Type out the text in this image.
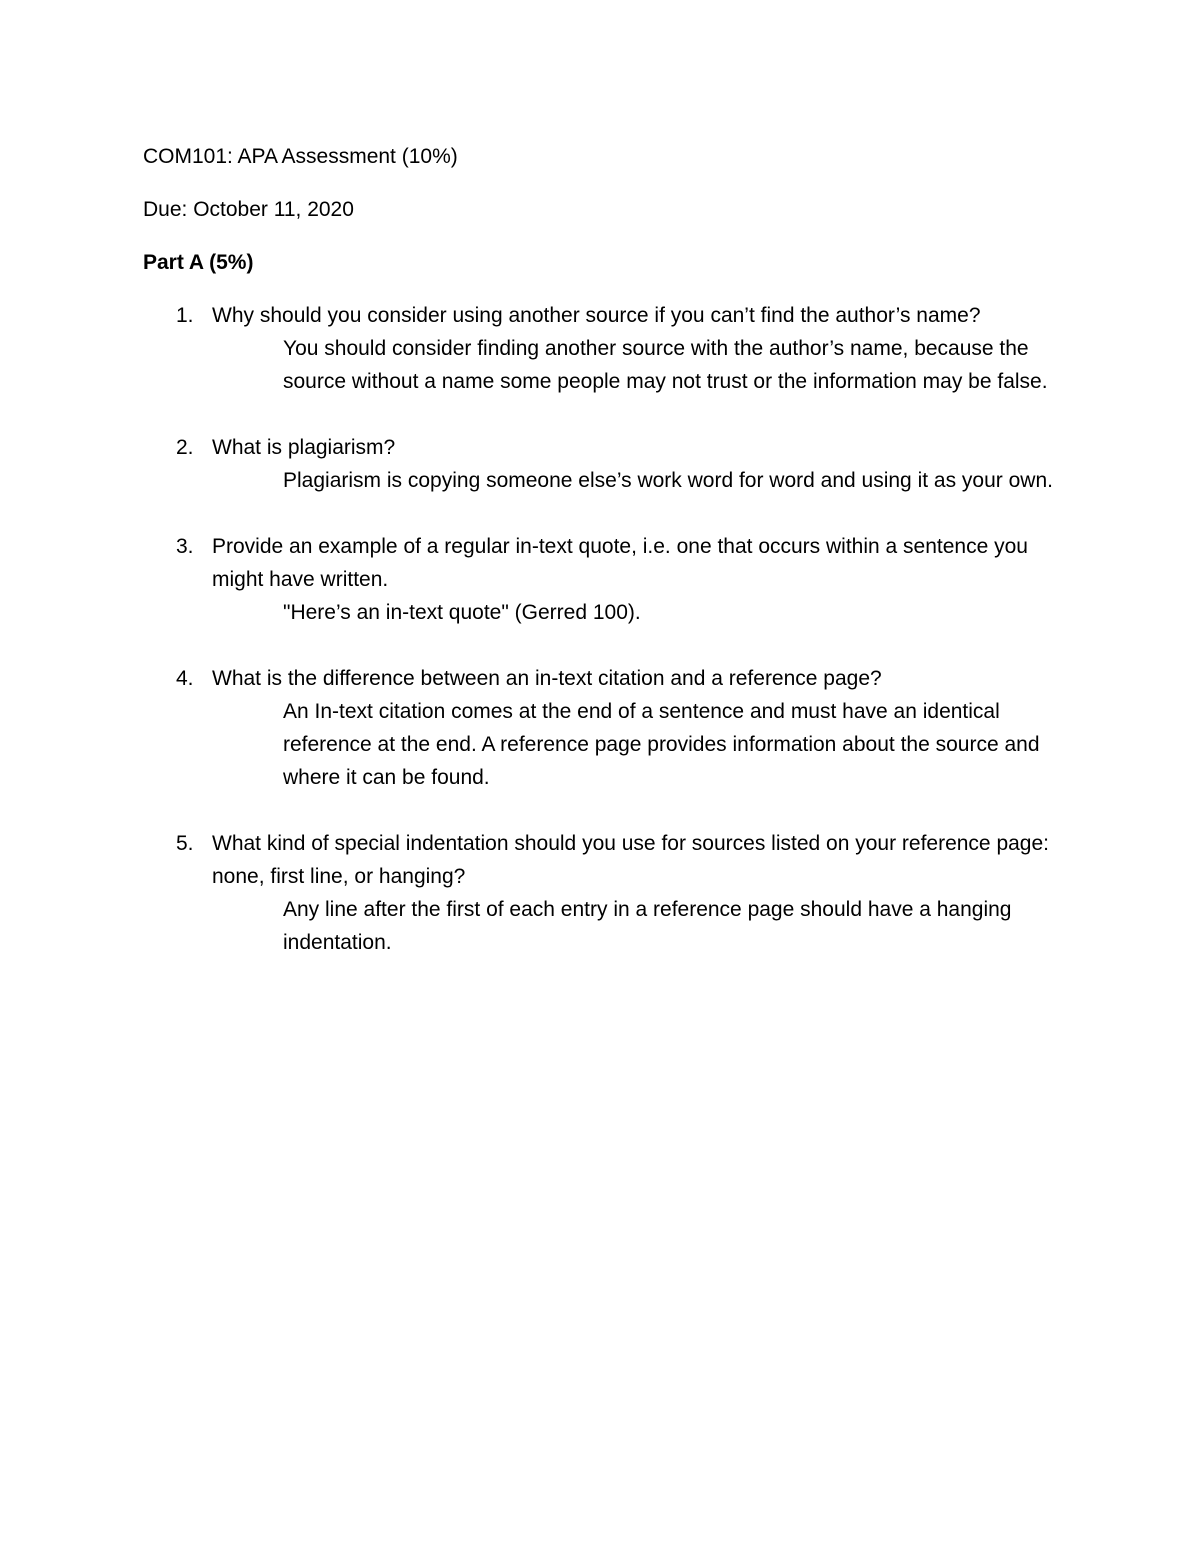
COM101: APA Assessment (10%)

Due: October 11, 2020

Part A (5%)

1. Why should you consider using another source if you can’t find the author’s name?
You should consider finding another source with the author’s name, because the source without a name some people may not trust or the information may be false.
2. What is plagiarism?
Plagiarism is copying someone else’s work word for word and using it as your own.
3. Provide an example of a regular in-text quote, i.e. one that occurs within a sentence you might have written.
"Here’s an in-text quote" (Gerred 100).
4. What is the difference between an in-text citation and a reference page?
An In-text citation comes at the end of a sentence and must have an identical reference at the end. A reference page provides information about the source and where it can be found.
5. What kind of special indentation should you use for sources listed on your reference page: none, first line, or hanging?
Any line after the first of each entry in a reference page should have a hanging indentation.
